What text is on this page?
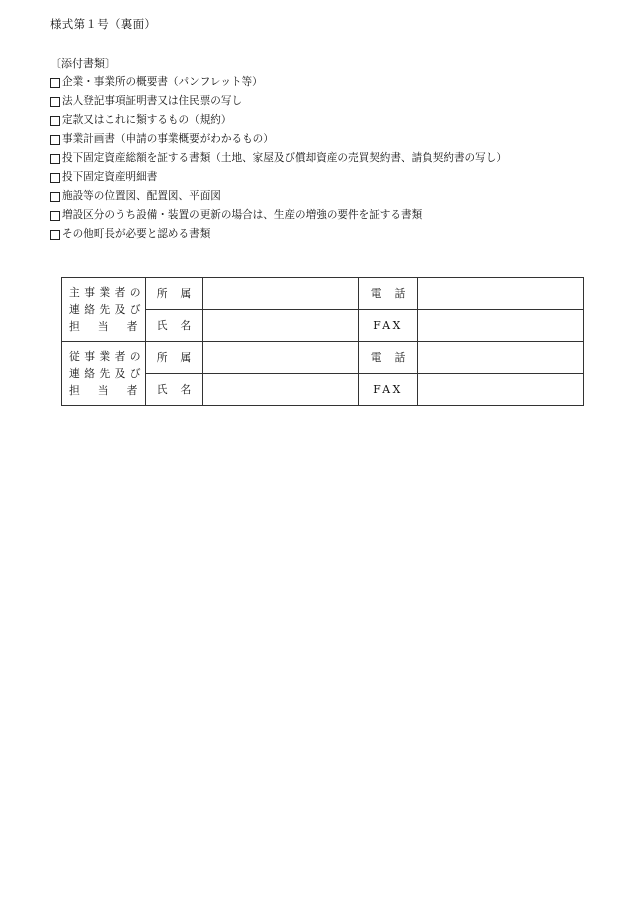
様式第１号（裏面）
〔添付書類〕
企業・事業所の概要書（パンフレット等）
法人登記事項証明書又は住民票の写し
定款又はこれに類するもの（規約）
事業計画書（申請の事業概要がわかるもの）
投下固定資産総額を証する書類（土地、家屋及び償却資産の売買契約書、請負契約書の写し）
投下固定資産明細書
施設等の位置図、配置図、平面図
増設区分のうち設備・装置の更新の場合は、生産の増強の要件を証する書類
その他町長が必要と認める書類
主事業者の
連絡先及び
担 当 者	所 属		電 話	
	氏 名		FAX	

従事業者の
連絡先及び
担 当 者	所 属		電 話	
	氏 名		FAX	
